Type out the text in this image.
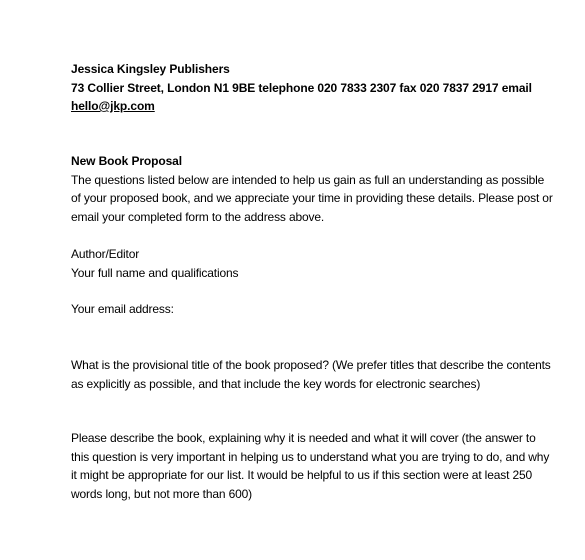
Jessica Kingsley Publishers
73 Collier Street, London N1 9BE telephone 020 7833 2307 fax 020 7837 2917 email
hello@jkp.com
New Book Proposal
The questions listed below are intended to help us gain as full an understanding as possible
of your proposed book, and we appreciate your time in providing these details. Please post or
email your completed form to the address above.
Author/Editor
Your full name and qualifications
Your email address:
What is the provisional title of the book proposed? (We prefer titles that describe the contents
as explicitly as possible, and that include the key words for electronic searches)
Please describe the book, explaining why it is needed and what it will cover (the answer to
this question is very important in helping us to understand what you are trying to do, and why
it might be appropriate for our list. It would be helpful to us if this section were at least 250
words long, but not more than 600)
